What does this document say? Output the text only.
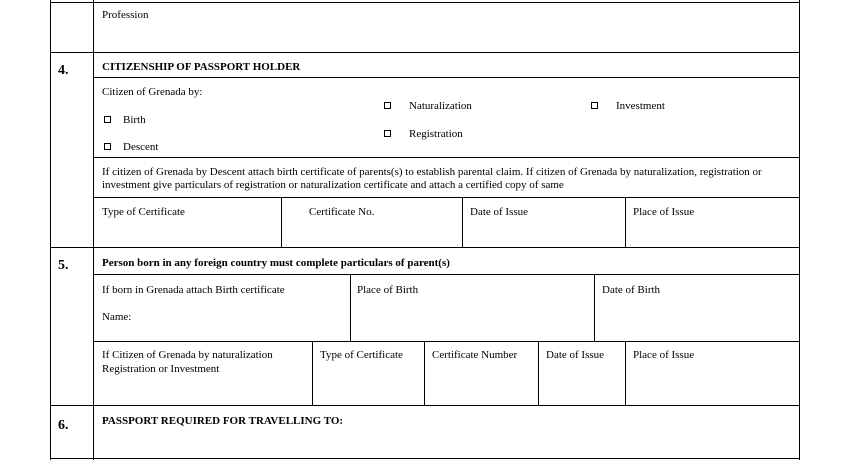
Profession
4.	CITIZENSHIP OF PASSPORT HOLDER
Citizen of Grenada by:
Birth
Descent
Naturalization
Registration
Investment
If citizen of Grenada by Descent attach birth certificate of parents(s) to establish parental claim. If citizen of Grenada by naturalization, registration or
investment give particulars of registration or naturalization certificate and attach a certified copy of same
Type of Certificate	Certificate No.	Date of Issue	Place of Issue
5.	Person born in any foreign country must complete particulars of parent(s)
If born in Grenada attach Birth certificate
Name:
Place of Birth	Date of Birth
If Citizen of Grenada by naturalization
Registration or Investment
Type of Certificate	Certificate Number	Date of Issue	Place of Issue
6.	PASSPORT REQUIRED FOR TRAVELLING TO:
